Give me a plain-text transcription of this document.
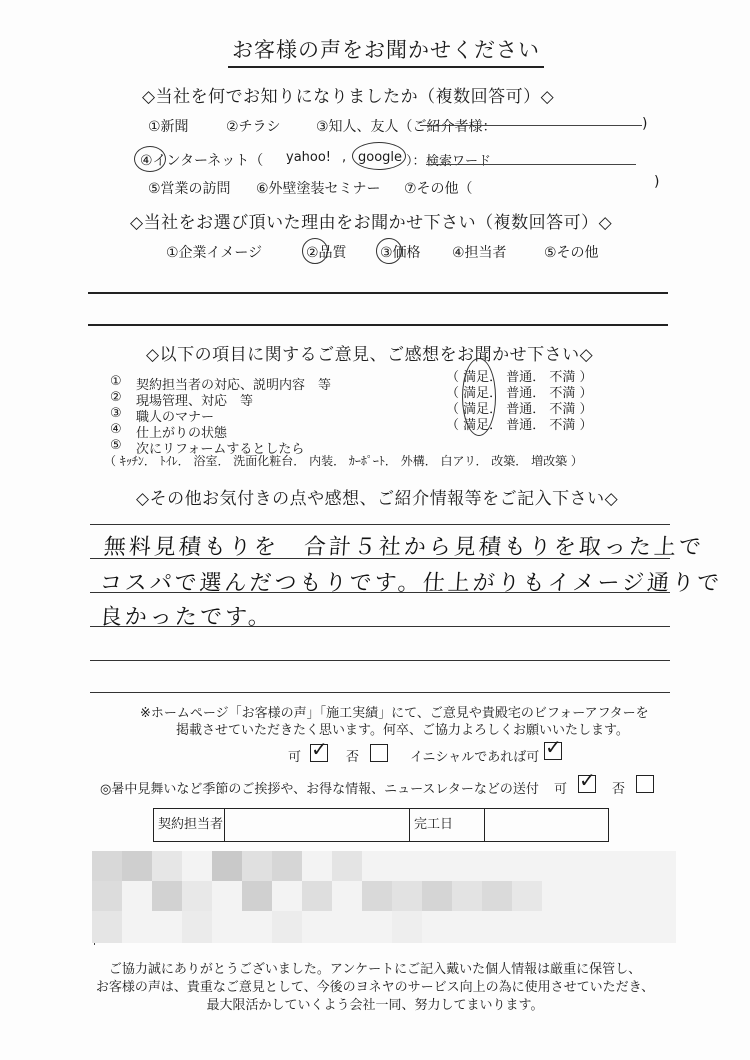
お客様の声をお聞かせください
◇当社を何でお知りになりましたか（複数回答可）◇
①新聞	②チラシ	③知人、友人（ご紹介者様：	)
④インターネット（ yahoo! , google ）： 検索ワード
⑤営業の訪問 ⑥外壁塗装セミナー ⑦その他（	)
◇当社をお選び頂いた理由をお聞かせ下さい（複数回答可）◇
①企業イメージ	②品質 ③価格 ④担当者	⑤その他
◇以下の項目に関するご意見、ご感想をお聞かせ下さい◇
① 契約担当者の対応、説明内容　等
（ 満足． 普通． 不満 ）
② 現場管理、対応　等
（ 満足． 普通． 不満 ）
③ 職人のマナー
（ 満足． 普通． 不満 ）
④ 仕上がりの状態
（ 満足． 普通． 不満 ）
⑤ 次にリフォームするとしたら
（ ｷｯﾁﾝ． ﾄｲﾚ． 浴室． 洗面化粧台． 内装． ｶｰﾎﾟｰﾄ． 外構． 白アリ． 改築． 増改築 ）
◇その他お気付きの点や感想、ご紹介情報等をご記入下さい◇
無料見積もりを　合計５社から見積もりを取った上で
コスパで選んだつもりです。仕上がりもイメージ通りで
良かったです。
※ホームページ「お客様の声」「施工実績」にて、ご意見や貴殿宅のビフォーアフターを
掲載させていただきたく思います。何卒、ご協力よろしくお願いいたします。
可 ✓ 否	イニシャルであれば可 ✓
◎暑中見舞いなど季節のご挨拶や、お得な情報、ニュースレターなどの送付 可 ✓ 否
契約担当者	完工日
ご協力誠にありがとうございました。アンケートにご記入戴いた個人情報は厳重に保管し、
お客様の声は、貴重なご意見として、今後のヨネヤのサービス向上の為に使用させていただき、
最大限活かしていくよう会社一同、努力してまいります。
